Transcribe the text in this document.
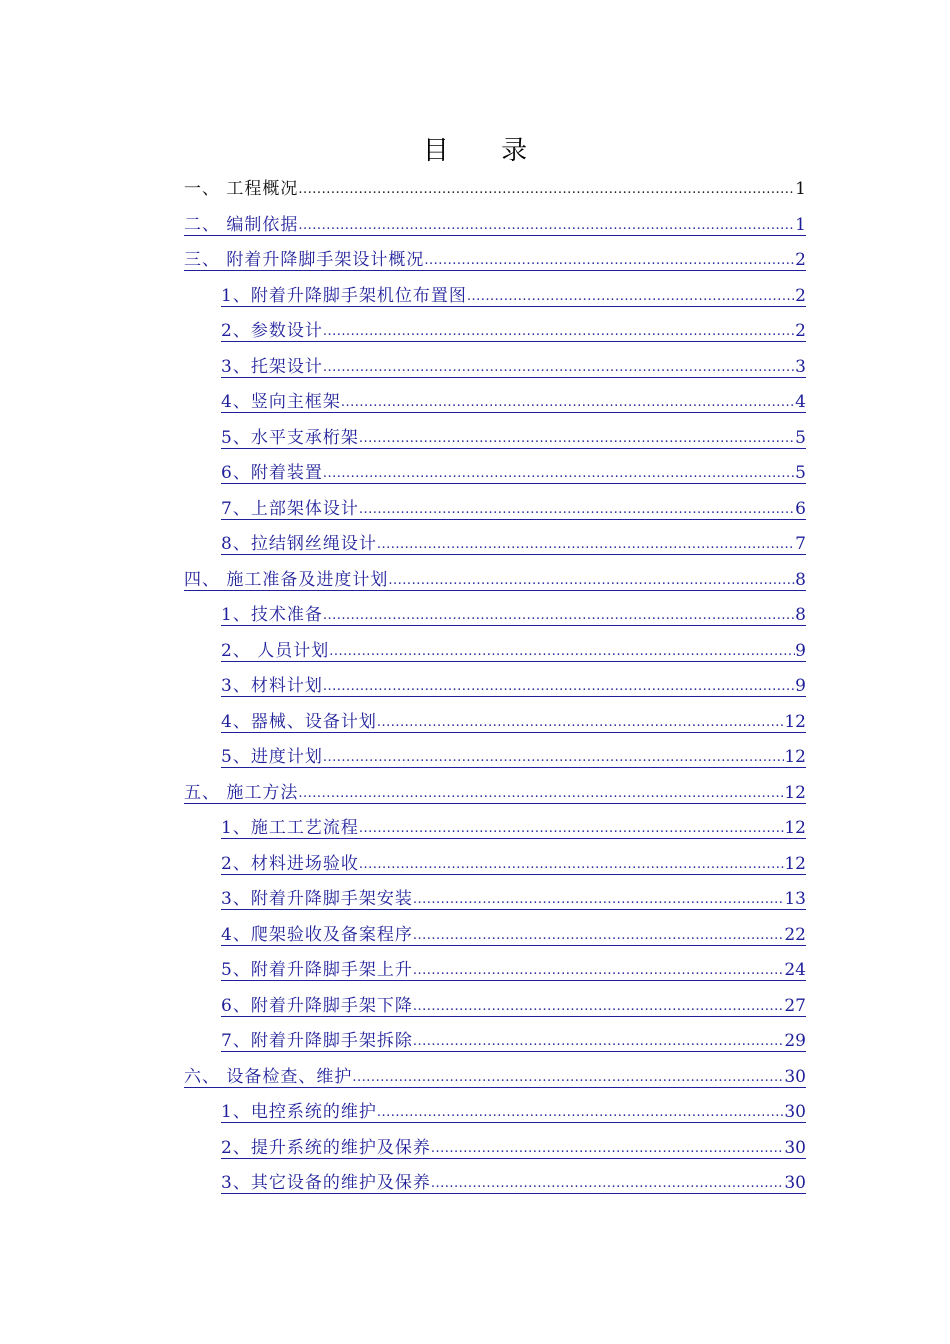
目 录
一、 工程概况 .....	1
二、 编制依据 .....	1
三、 附着升降脚手架设计概况 .....	2
1、附着升降脚手架机位布置图 .....	2
2、参数设计 .....	2
3、托架设计 .....	3
4、竖向主框架 .....	4
5、水平支承桁架 .....	5
6、附着装置 .....	5
7、上部架体设计 .....	6
8、拉结钢丝绳设计 .....	7
四、 施工准备及进度计划 .....	8
1、技术准备 .....	8
2、 人员计划 .....	9
3、材料计划 .....	9
4、器械、设备计划 .....	12
5、进度计划 .....	12
五、 施工方法 .....	12
1、施工工艺流程 .....	12
2、材料进场验收 .....	12
3、附着升降脚手架安装 .....	13
4、爬架验收及备案程序 .....	22
5、附着升降脚手架上升 .....	24
6、附着升降脚手架下降 .....	27
7、附着升降脚手架拆除 .....	29
六、 设备检查、维护 .....	30
1、电控系统的维护 .....	30
2、提升系统的维护及保养 .....	30
3、其它设备的维护及保养 .....	30
